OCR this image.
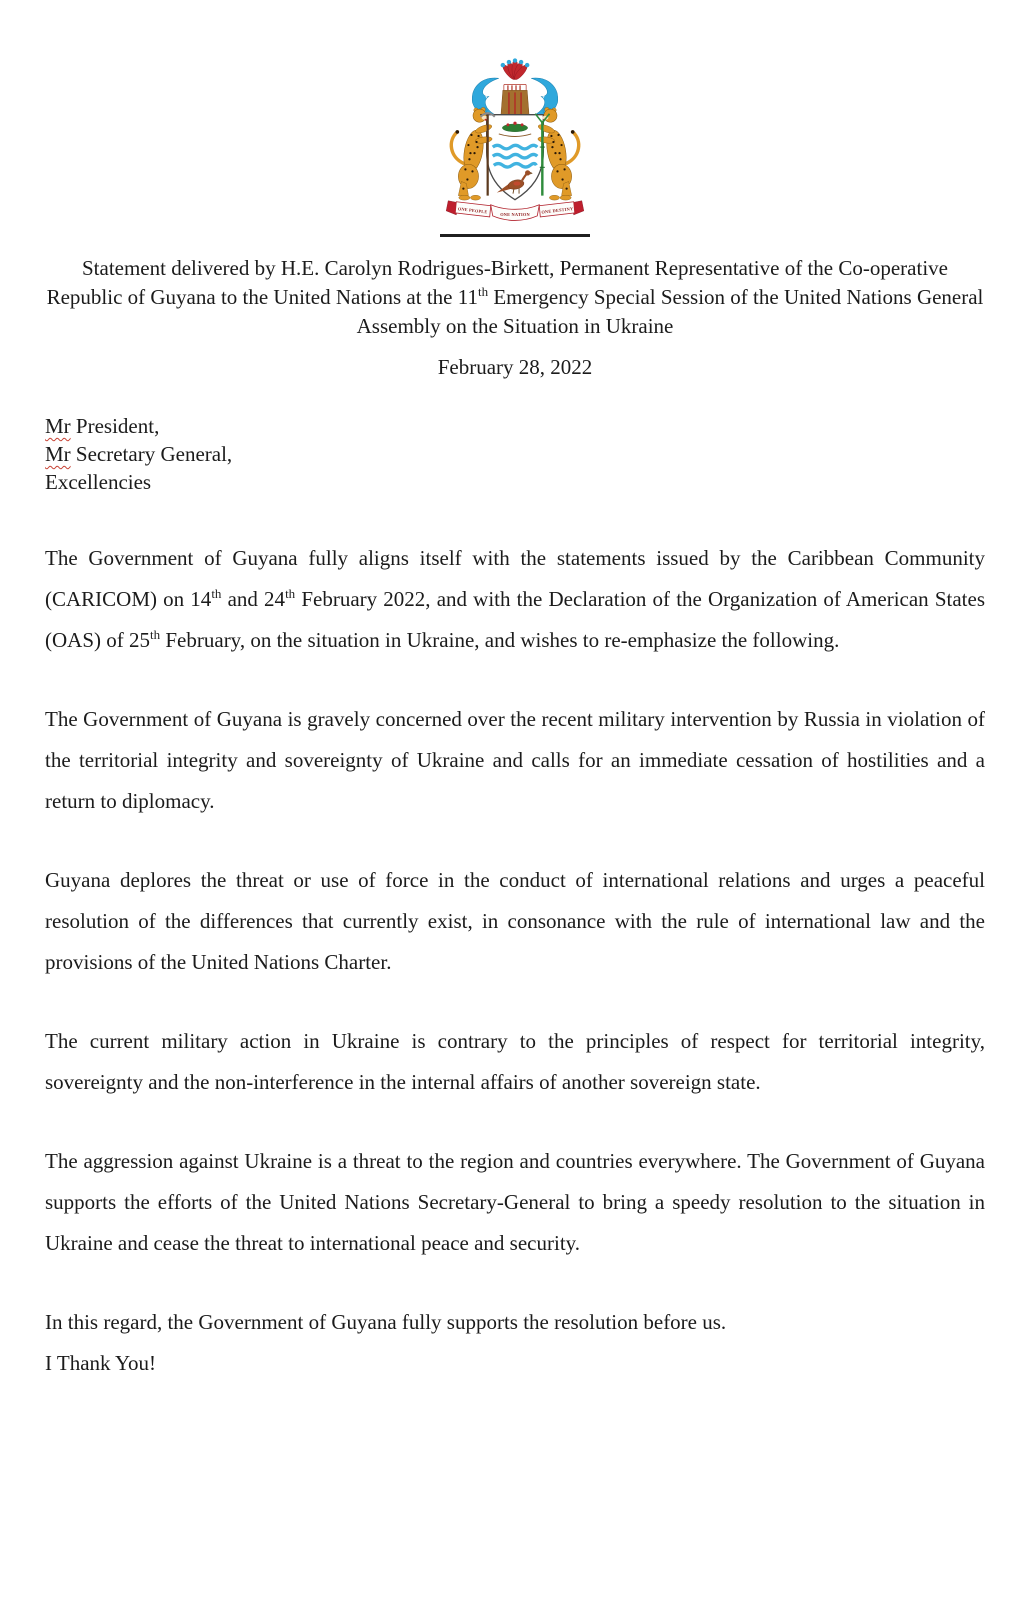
ONE PEOPLE	ONE NATION	ONE DESTINY
Statement delivered by H.E. Carolyn Rodrigues-Birkett, Permanent Representative of the Co-operative Republic of Guyana to the United Nations at the 11th Emergency Special Session of the United Nations General Assembly on the Situation in Ukraine
February 28, 2022
Mr President,
Mr Secretary General,
Excellencies
The Government of Guyana fully aligns itself with the statements issued by the Caribbean Community (CARICOM) on 14th and 24th February 2022, and with the Declaration of the Organization of American States (OAS) of 25th February, on the situation in Ukraine, and wishes to re-emphasize the following.
The Government of Guyana is gravely concerned over the recent military intervention by Russia in violation of the territorial integrity and sovereignty of Ukraine and calls for an immediate cessation of hostilities and a return to diplomacy.
Guyana deplores the threat or use of force in the conduct of international relations and urges a peaceful resolution of the differences that currently exist, in consonance with the rule of international law and the provisions of the United Nations Charter.
The current military action in Ukraine is contrary to the principles of respect for territorial integrity, sovereignty and the non-interference in the internal affairs of another sovereign state.
The aggression against Ukraine is a threat to the region and countries everywhere. The Government of Guyana supports the efforts of the United Nations Secretary-General to bring a speedy resolution to the situation in Ukraine and cease the threat to international peace and security.
In this regard, the Government of Guyana fully supports the resolution before us.
I Thank You!
